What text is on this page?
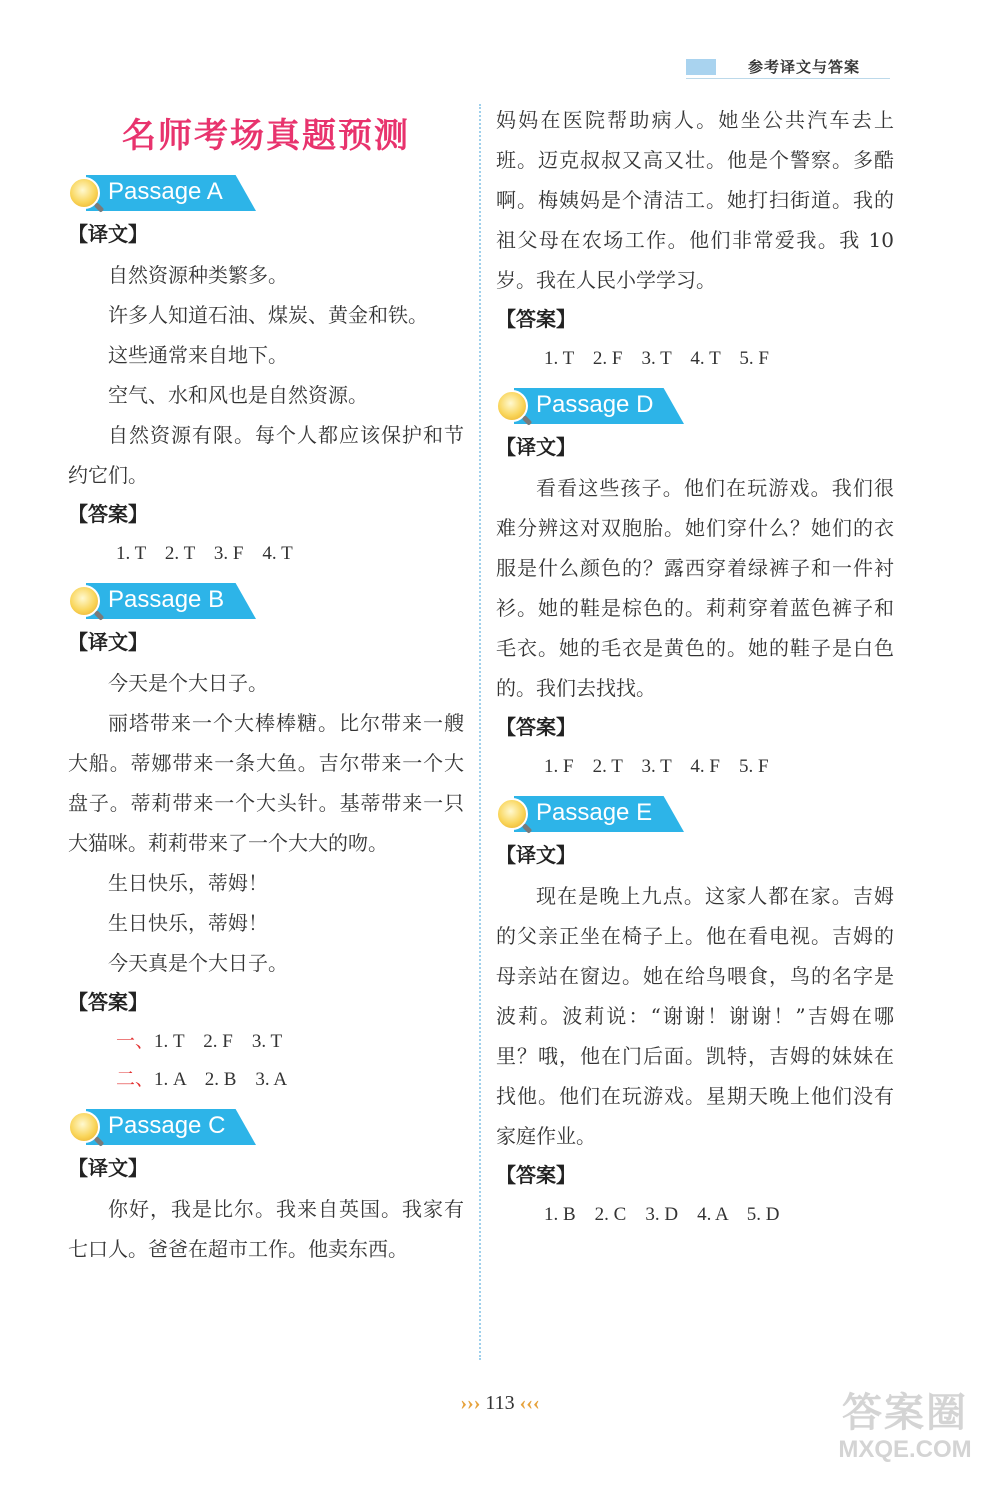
参考译文与答案
名师考场真题预测
Passage A
【译文】

自然资源种类繁多。

许多人知道石油、煤炭、黄金和铁。

这些通常来自地下。

空气、水和风也是自然资源。

自然资源有限。每个人都应该保护和节约它们。

【答案】
1. T　2. T　3. F　4. T
Passage B
【译文】

今天是个大日子。

丽塔带来一个大棒棒糖。比尔带来一艘大船。蒂娜带来一条大鱼。吉尔带来一个大盘子。蒂莉带来一个大头针。基蒂带来一只大猫咪。莉莉带来了一个大大的吻。

生日快乐，蒂姆！

生日快乐，蒂姆！

今天真是个大日子。

【答案】
一、1. T　2. F　3. T
二、1. A　2. B　3. A
Passage C
【译文】

你好，我是比尔。我来自英国。我家有七口人。爸爸在超市工作。他卖东西。

妈妈在医院帮助病人。她坐公共汽车去上班。迈克叔叔又高又壮。他是个警察。多酷啊。梅姨妈是个清洁工。她打扫街道。我的祖父母在农场工作。他们非常爱我。我 10 岁。我在人民小学学习。

【答案】
1. T　2. F　3. T　4. T　5. F
Passage D
【译文】

看看这些孩子。他们在玩游戏。我们很难分辨这对双胞胎。她们穿什么？她们的衣服是什么颜色的？露西穿着绿裤子和一件衬衫。她的鞋是棕色的。莉莉穿着蓝色裤子和毛衣。她的毛衣是黄色的。她的鞋子是白色的。我们去找找。

【答案】
1. F　2. T　3. T　4. F　5. F
Passage E
【译文】

现在是晚上九点。这家人都在家。吉姆的父亲正坐在椅子上。他在看电视。吉姆的母亲站在窗边。她在给鸟喂食，鸟的名字是波莉。波莉说：“谢谢！谢谢！”吉姆在哪里？哦，他在门后面。凯特，吉姆的妹妹在找他。他们在玩游戏。星期天晚上他们没有家庭作业。

【答案】
1. B　2. C　3. D　4. A　5. D
››› 113 ‹‹‹	答案圈
MXQE.COM
